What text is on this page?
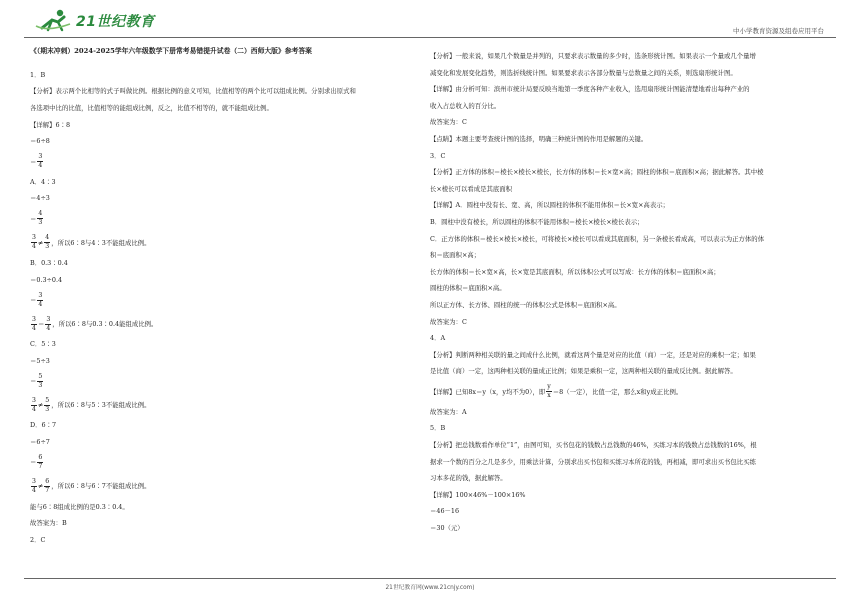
21世纪教育
中小学教育资源及组卷应用平台
《（期末冲刺）2024-2025学年六年级数学下册常考易错提升试卷（二）西师大版》参考答案
1．B
【分析】表示两个比相等的式子叫做比例。根据比例的意义可知，比值相等的两个比可以组成比例。分别求出原式和
各选项中比的比值，比值相等的能组成比例，反之，比值不相等的，就不能组成比例。
【详解】6∶8
＝6÷8
＝ $\frac{3}{4}$
A．4∶3
＝4÷3
＝ $\frac{4}{3}$
$\frac{3}{4} \ne \frac{4}{3}$ ，所以6∶8与4∶3不能组成比例。
B．0.3∶0.4
＝0.3÷0.4
＝ $\frac{3}{4}$
$\frac{3}{4} = \frac{3}{4}$ ，所以6∶8与0.3∶0.4能组成比例。
C．5∶3
＝5÷3
＝ $\frac{5}{3}$
$\frac{3}{4} \ne \frac{5}{3}$ ，所以6∶8与5∶3不能组成比例。
D．6∶7
＝6÷7
＝ $\frac{6}{7}$
$\frac{3}{4} \ne \frac{6}{7}$ ，所以6∶8与6∶7不能组成比例。
能与6∶8组成比例的是0.3∶0.4。
故答案为：B
2．C
【分析】一般来说，如果几个数量是并列的，只要求表示数量的多少时，选条形统计图。如果表示一个量或几个量增
减变化和发展变化趋势，则选折线统计图。如果要求表示各部分数量与总数量之间的关系，则选扇形统计图。
【详解】由分析可知：滨州市统计局要反映当地第一季度各种产业收入，选用扇形统计图能清楚地看出每种产业的
收入占总收入的百分比。
故答案为：C
【点睛】本题主要考查统计图的选择，明确三种统计图的作用是解题的关键。
3．C
【分析】正方体的体积＝棱长×棱长×棱长，长方体的体积＝长×宽×高；圆柱的体积＝底面积×高；据此解答。其中棱
长×棱长可以看成是其底面积
【详解】A．圆柱中没有长、宽、高，所以圆柱的体积不能用体积＝长×宽×高表示；
B．圆柱中没有棱长，所以圆柱的体积不能用体积＝棱长×棱长×棱长表示；
C．正方体的体积＝棱长×棱长×棱长，可将棱长×棱长可以看成其底面积，另一条棱长看成高，可以表示为正方体的体
积＝底面积×高；
长方体的体积＝长×宽×高，长×宽是其底面积，所以体积公式可以写成：长方体的体积＝底面积×高；
圆柱的体积＝底面积×高。
所以正方体、长方体、圆柱的统一的体积公式是体积＝底面积×高。
故答案为：C
4．A
【分析】判断两种相关联的量之间成什么比例，就看这两个量是对应的比值（商）一定，还是对应的乘积一定；如果
是比值（商）一定，这两种相关联的量成正比例；如果是乘积一定，这两种相关联的量成反比例。据此解答。
【详解】已知8x＝y（x，y均不为0），即 $\frac{y}{x} =8$（一定），比值一定，那么x和y成正比例。
故答案为：A
5．B
【分析】把总钱数看作单位“1”，由图可知，买书包花的钱数占总钱数的46%，买练习本的钱数占总钱数的16%，根
据求一个数的百分之几是多少，用乘法计算，分别求出买书包和买练习本所花的钱，再相减，即可求出买书包比买练
习本多花的钱，据此解答。
【详解】100×46%－100×16%
＝46－16
＝30（元）
21世纪教育网(www.21cnjy.com)
